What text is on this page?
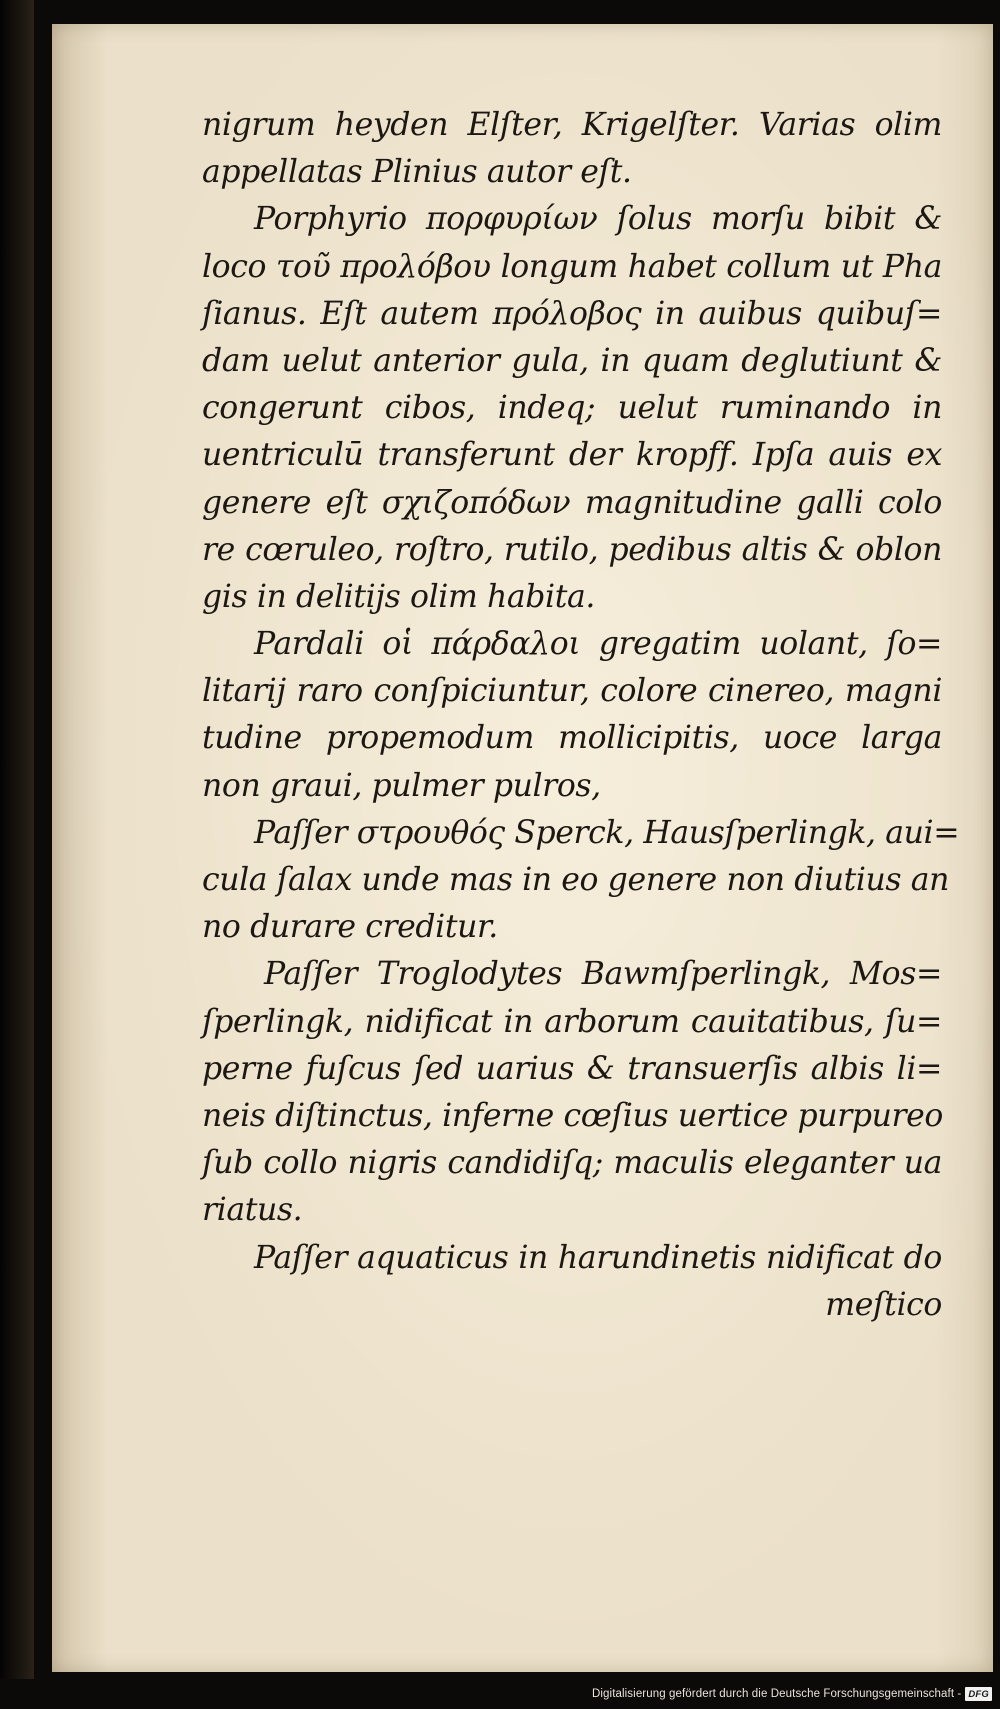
nigrum heyden Elſter, Krigelſter. Varias olim
appellatas Plinius autor eſt.
Porphyrio πορφυρίων ſolus morſu bibit &
loco τοῦ προλόβου longum habet collum ut Pha
ſianus. Eſt autem πρόλοβος in auibus quibuſ=
dam uelut anterior gula, in quam deglutiunt &
congerunt cibos, indeq; uelut ruminando in
uentriculū transferunt der kropff. Ipſa auis ex
genere eſt σχιζοπόδων magnitudine galli colo
re cœruleo, roſtro, rutilo, pedibus altis & oblon
gis in delitijs olim habita.
Pardali οἱ πάρδαλοι gregatim uolant, ſo=
litarij raro conſpiciuntur, colore cinereo, magni
tudine propemodum mollicipitis, uoce larga
non graui, pulmer pulros,
Paſſer στρουθός Sperck, Hausſperlingk, aui=
cula ſalax unde mas in eo genere non diutius an
no durare creditur.
Paſſer Troglodytes Bawmſperlingk, Mos=
ſperlingk, nidificat in arborum cauitatibus, ſu=
perne fuſcus ſed uarius & transuerſis albis li=
neis diſtinctus, inferne cœſius uertice purpureo
ſub collo nigris candidiſq; maculis eleganter ua
riatus.
Paſſer aquaticus in harundinetis nidificat do
meſtico
Digitalisierung gefördert durch die Deutsche Forschungsgemeinschaft - DFG
